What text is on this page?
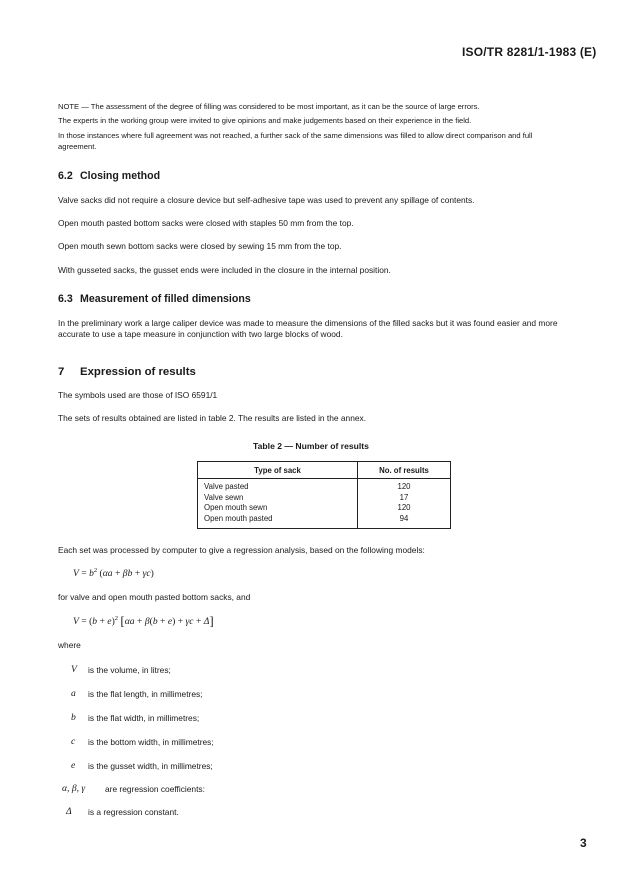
ISO/TR 8281/1-1983 (E)

NOTE — The assessment of the degree of filling was considered to be most important, as it can be the source of large errors.

The experts in the working group were invited to give opinions and make judgements based on their experience in the field.

In those instances where full agreement was not reached, a further sack of the same dimensions was filled to allow direct comparison and full agreement.

6.2 Closing method

Valve sacks did not require a closure device but self-adhesive tape was used to prevent any spillage of contents.

Open mouth pasted bottom sacks were closed with staples 50 mm from the top.

Open mouth sewn bottom sacks were closed by sewing 15 mm from the top.

With gusseted sacks, the gusset ends were included in the closure in the internal position.

6.3 Measurement of filled dimensions

In the preliminary work a large caliper device was made to measure the dimensions of the filled sacks but it was found easier and more accurate to use a tape measure in conjunction with two large blocks of wood.

7 Expression of results

The symbols used are those of ISO 6591/1

The sets of results obtained are listed in table 2. The results are listed in the annex.

Table 2 — Number of results
Type of sack	No. of results
Valve pasted	120
Valve sewn	17
Open mouth sewn	120
Open mouth pasted	94

Each set was processed by computer to give a regression analysis, based on the following models:

$V = b^2$ (αa + βb + γc)

for valve and open mouth pasted bottom sacks, and

$V = (b + e)^2$ [αa + β(b + e) + γc + Δ]

where

V is the volume, in litres;
a is the flat length, in millimetres;
b is the flat width, in millimetres;
c is the bottom width, in millimetres;
e is the gusset width, in millimetres;
α, β, γ are regression coefficients:
Δ is a regression constant.
3
